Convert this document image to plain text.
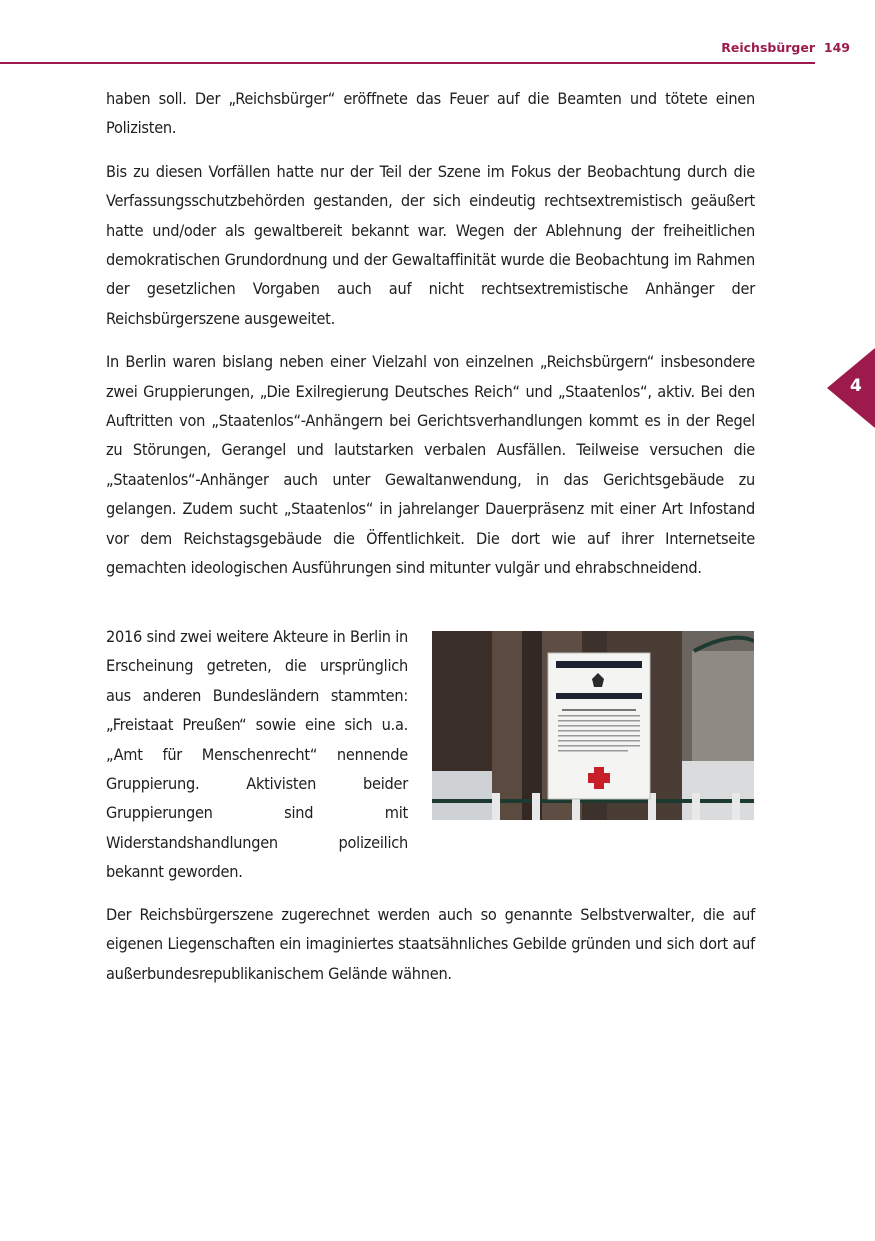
Reichsbürger 149
4

haben soll. Der „Reichsbürger“ eröffnete das Feuer auf die Beamten und tötete einen Polizisten.

Bis zu diesen Vorfällen hatte nur der Teil der Szene im Fokus der Beobachtung durch die Verfassungsschutzbehörden gestanden, der sich eindeutig rechtsextremistisch geäußert hatte und/oder als gewaltbereit bekannt war. Wegen der Ablehnung der freiheitlichen demokratischen Grundordnung und der Gewaltaffinität wurde die Beobachtung im Rahmen der gesetzlichen Vorgaben auch auf nicht rechtsextremistische Anhänger der Reichsbürgerszene ausgeweitet.

In Berlin waren bislang neben einer Vielzahl von einzelnen „Reichsbürgern“ insbesondere zwei Gruppierungen, „Die Exilregierung Deutsches Reich“ und „Staatenlos“, aktiv. Bei den Auftritten von „Staatenlos“-Anhängern bei Gerichtsverhandlungen kommt es in der Regel zu Störungen, Gerangel und lautstarken verbalen Ausfällen. Teilweise versuchen die „Staatenlos“-Anhänger auch unter Gewaltanwendung, in das Gerichtsgebäude zu gelangen. Zudem sucht „Staatenlos“ in jahrelanger Dauerpräsenz mit einer Art Infostand vor dem Reichstagsgebäude die Öffentlichkeit. Die dort wie auf ihrer Internetseite gemachten ideologischen Ausführungen sind mitunter vulgär und ehrabschneidend.

2016 sind zwei weitere Akteure in Berlin in Erscheinung getreten, die ursprünglich aus anderen Bundesländern stammten: „Freistaat Preußen“ sowie eine sich u.a. „Amt für Menschenrecht“ nennende Gruppierung. Aktivisten beider Gruppierungen sind mit Widerstandshandlungen polizeilich bekannt geworden.

Der Reichsbürgerszene zugerechnet werden auch so genannte Selbstverwalter, die auf eigenen Liegenschaften ein imaginiertes staatsähnliches Gebilde gründen und sich dort auf außerbundesrepublikanischem Gelände wähnen.
